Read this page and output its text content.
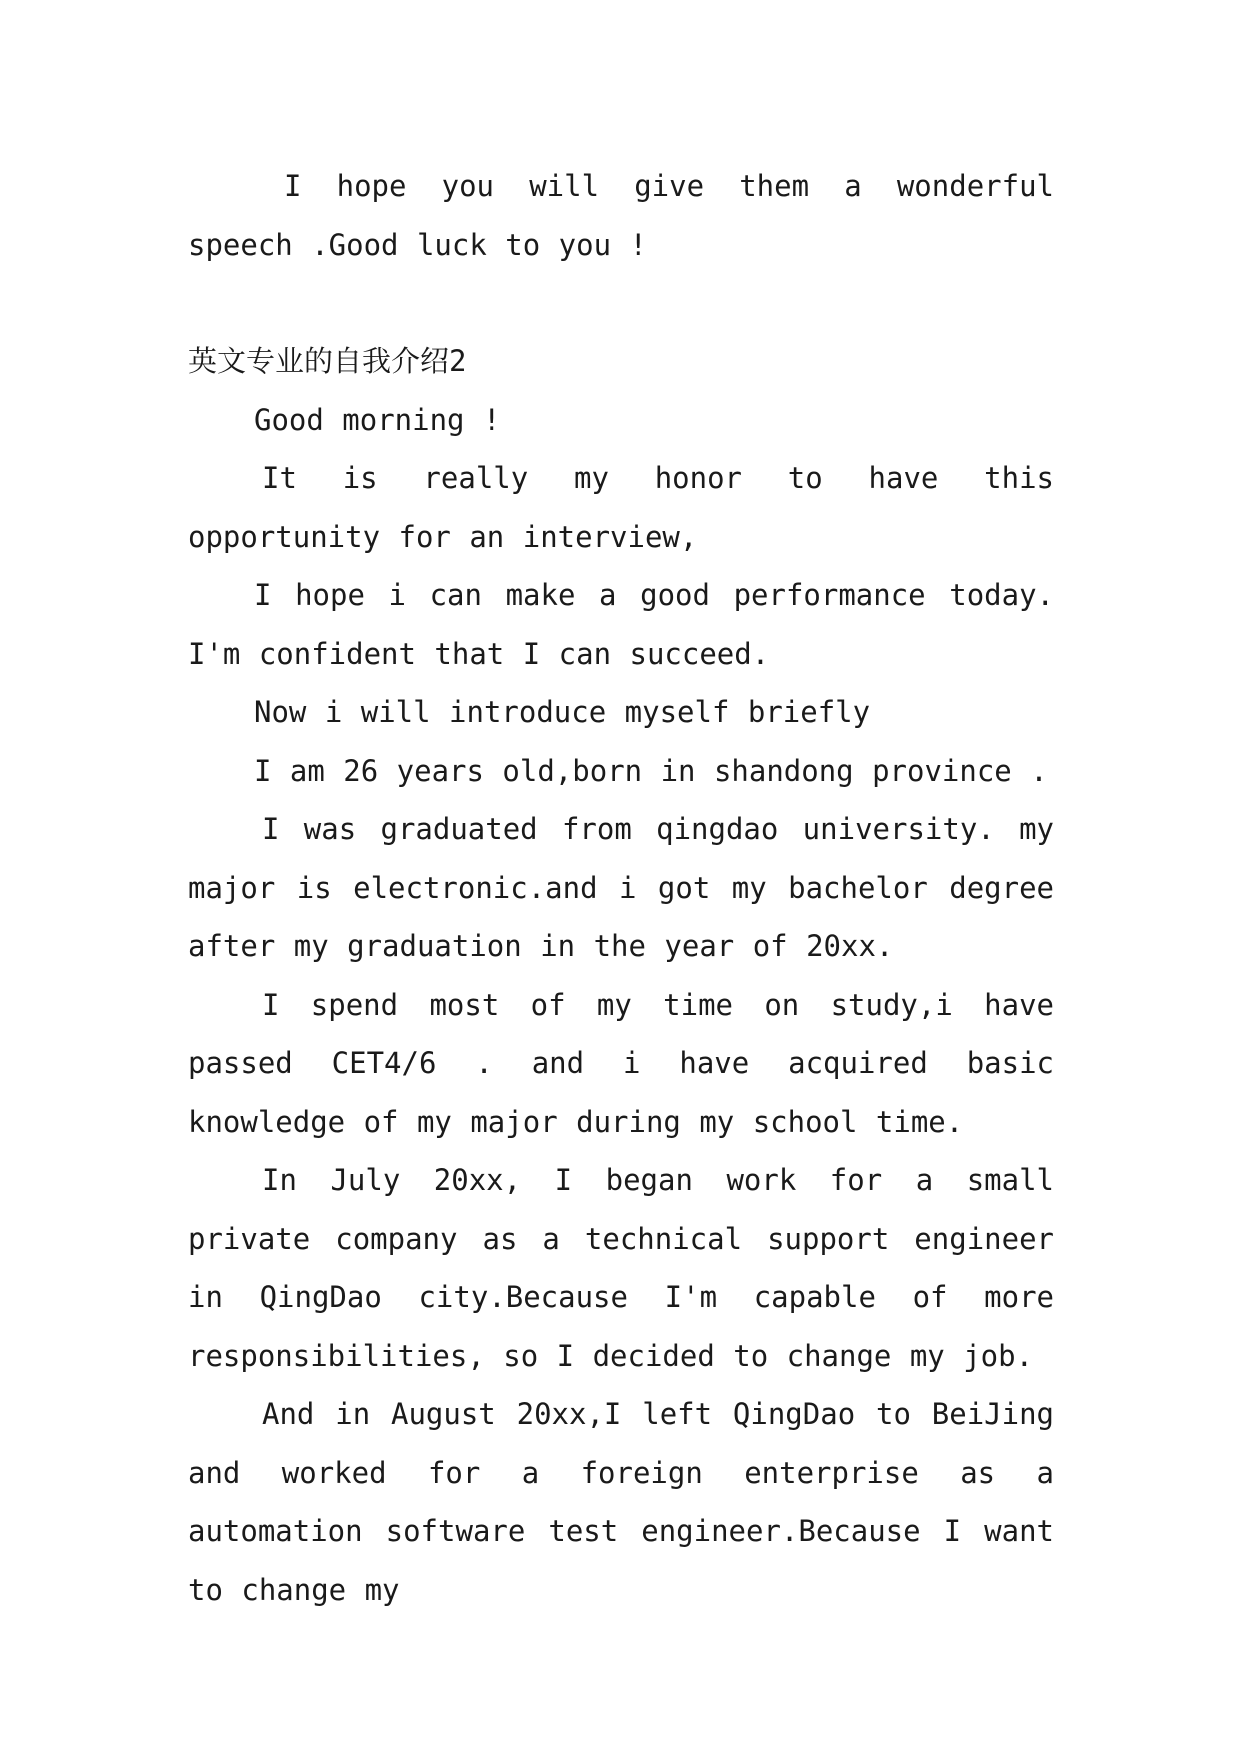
I hope you will give them a wonderful speech .Good luck to you !

英文专业的自我介绍2

Good morning !

It is really my honor to have this opportunity for an interview,

I hope i can make a good performance today. I'm confident that I can succeed.

Now i will introduce myself briefly

I am 26 years old,born in shandong province .

I was graduated from qingdao university. my major is electronic.and i got my bachelor degree after my graduation in the year of 20xx.

I spend most of my time on study,i have passed CET4/6 . and i have acquired basic knowledge of my major during my school time.

In July 20xx, I began work for a small private company as a technical support engineer in QingDao city.Because I'm capable of more responsibilities, so I decided to change my job.

And in August 20xx,I left QingDao to BeiJing and worked for a foreign enterprise as a automation software test engineer.Because I want to change my
